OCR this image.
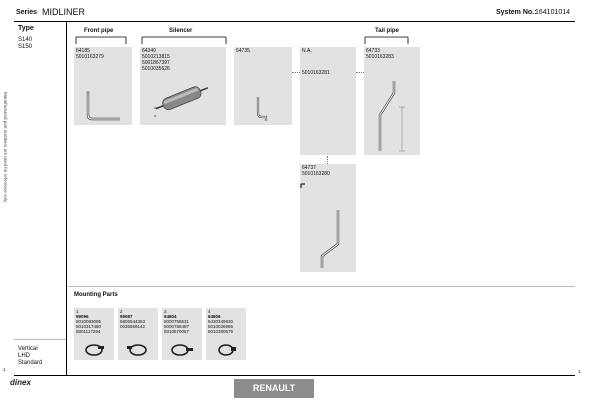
Series MIDLINER	System No.:
164101014
Type
S140
S150
Manufactured part numbers are used for reference only
Vertical
LHD
Standard
1	1
Front pipe	Silencer	Tail pipe
64185
5010163279
64340
5010213815
5001867397
5010035626
Ø
Ø
64735	N.A.
5010163281
64733
5010163283
64737
5010163280
Mounting Parts
1
99096
5010083085
5010317480
5801117294
2
99087
5806544353
0036669142
3
64804
5000758531
5000758487
5010570067
4
64806
5430349930
5010036986
5010380575
dinex
RENAULT
